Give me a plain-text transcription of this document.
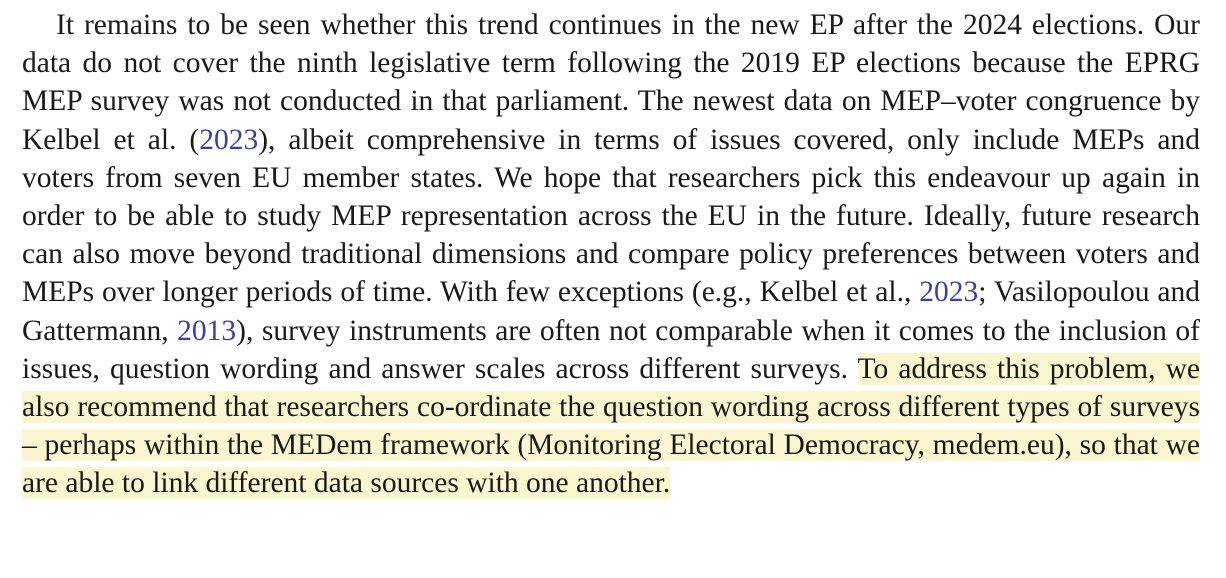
It remains to be seen whether this trend continues in the new EP after the 2024 elections. Our data do not cover the ninth legislative term following the 2019 EP elections because the EPRG MEP survey was not conducted in that parliament. The newest data on MEP–voter congruence by Kelbel et al. (2023), albeit comprehensive in terms of issues covered, only include MEPs and voters from seven EU member states. We hope that researchers pick this endeavour up again in order to be able to study MEP representation across the EU in the future. Ideally, future research can also move beyond traditional dimensions and compare policy preferences between voters and MEPs over longer periods of time. With few exceptions (e.g., Kelbel et al., 2023; Vasilopoulou and Gattermann, 2013), survey instruments are often not comparable when it comes to the inclusion of issues, question wording and answer scales across different surveys. To address this problem, we also recommend that researchers co-ordinate the question wording across different types of surveys – perhaps within the MEDem framework (Monitoring Electoral Democracy, medem.eu), so that we are able to link different data sources with one another.
